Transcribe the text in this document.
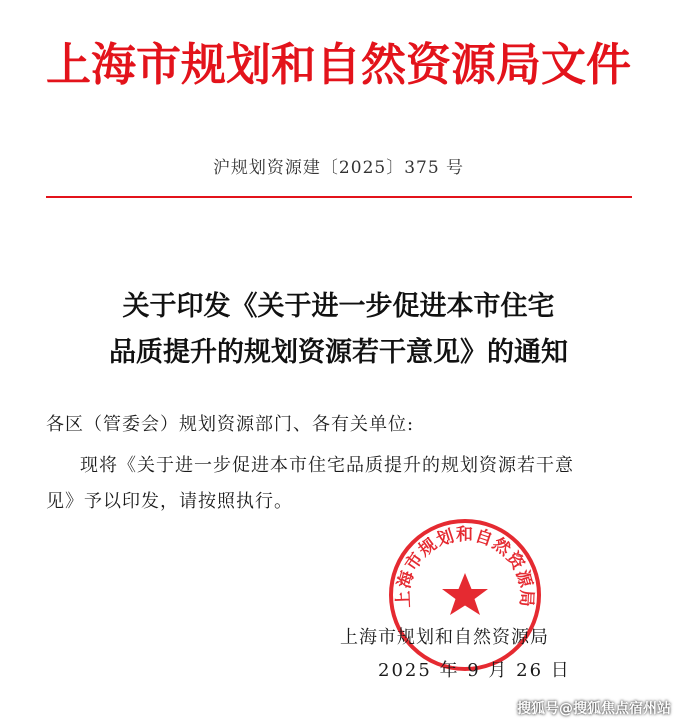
上海市规划和自然资源局文件
沪规划资源建〔2025〕375 号
关于印发《关于进一步促进本市住宅
品质提升的规划资源若干意见》的通知
各区（管委会）规划资源部门、各有关单位:
现将《关于进一步促进本市住宅品质提升的规划资源若干意
见》予以印发，请按照执行。
上海市规划和自然资源局
上海市规划和自然资源局
2025 年 9 月 26 日
搜狐号@搜狐焦点宿州站
